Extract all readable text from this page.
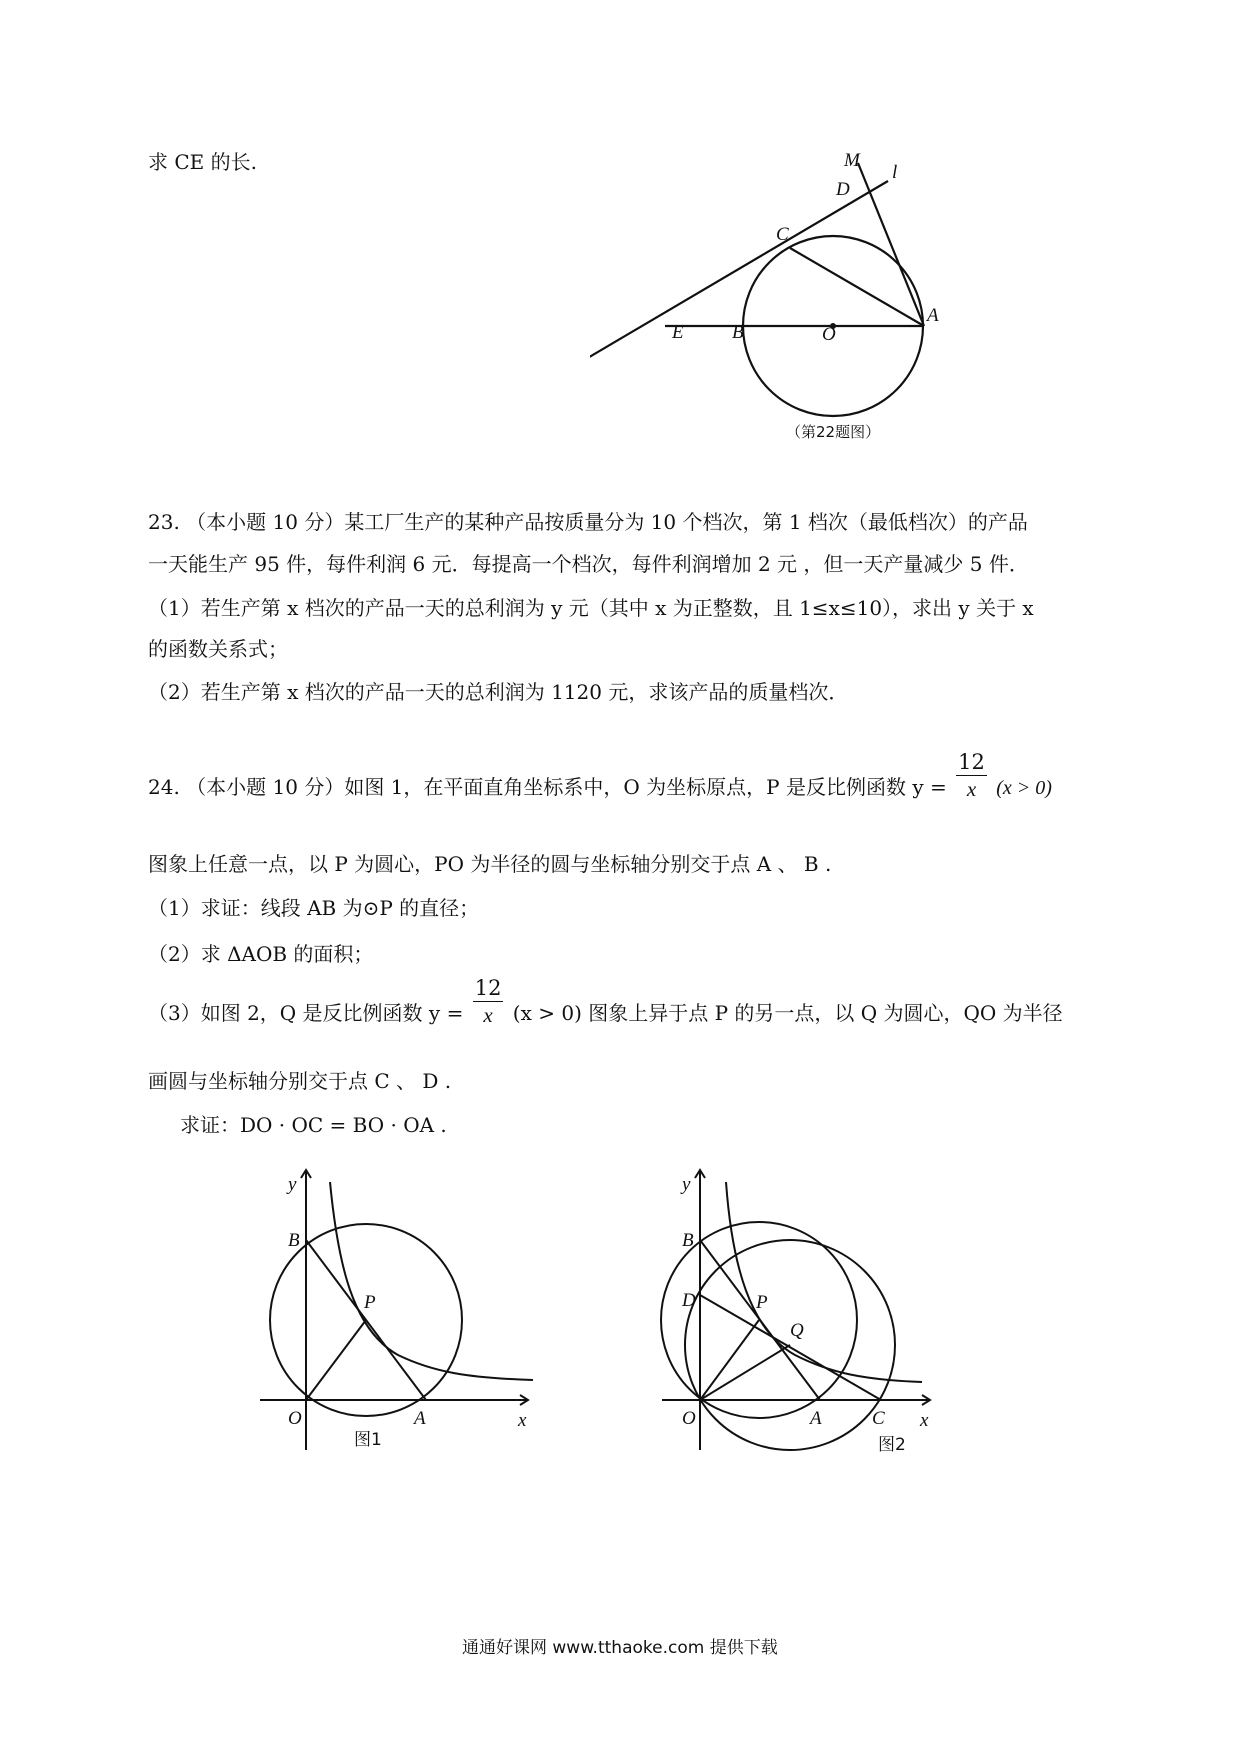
求 CE 的长.	M
l
D
C
A
E	B	O
（第22题图）
23. （本小题 10 分）某工厂生产的某种产品按质量分为 10 个档次，第 1 档次（最低档次）的产品
一天能生产 95 件，每件利润 6 元．每提高一个档次，每件利润增加 2 元 ，但一天产量减少 5 件．
（1）若生产第 x 档次的产品一天的总利润为 y 元（其中 x 为正整数，且 1≤x≤10），求出 y 关于 x
的函数关系式；
（2）若生产第 x 档次的产品一天的总利润为 1120 元，求该产品的质量档次．
24. （本小题 10 分）如图 1，在平面直角坐标系中，O 为坐标原点，P 是反比例函数 $y = \frac{12}{x} (x > 0)$
图象上任意一点，以 P 为圆心，PO 为半径的圆与坐标轴分别交于点 A 、 B .
（1）求证：线段 AB 为⊙P 的直径；
（2）求 ΔAOB 的面积；
（3）如图 2，Q 是反比例函数 $y = \frac{12}{x} (x > 0)$ 图象上异于点 P 的另一点，以 Q 为圆心，QO 为半径
画圆与坐标轴分别交于点 C 、 D .
求证：DO · OC = BO · OA .
y
x
B
P
O	A
图1
y
x
B
D	P
Q
O	A	C
图2
通通好课网 www.tthaoke.com 提供下载
